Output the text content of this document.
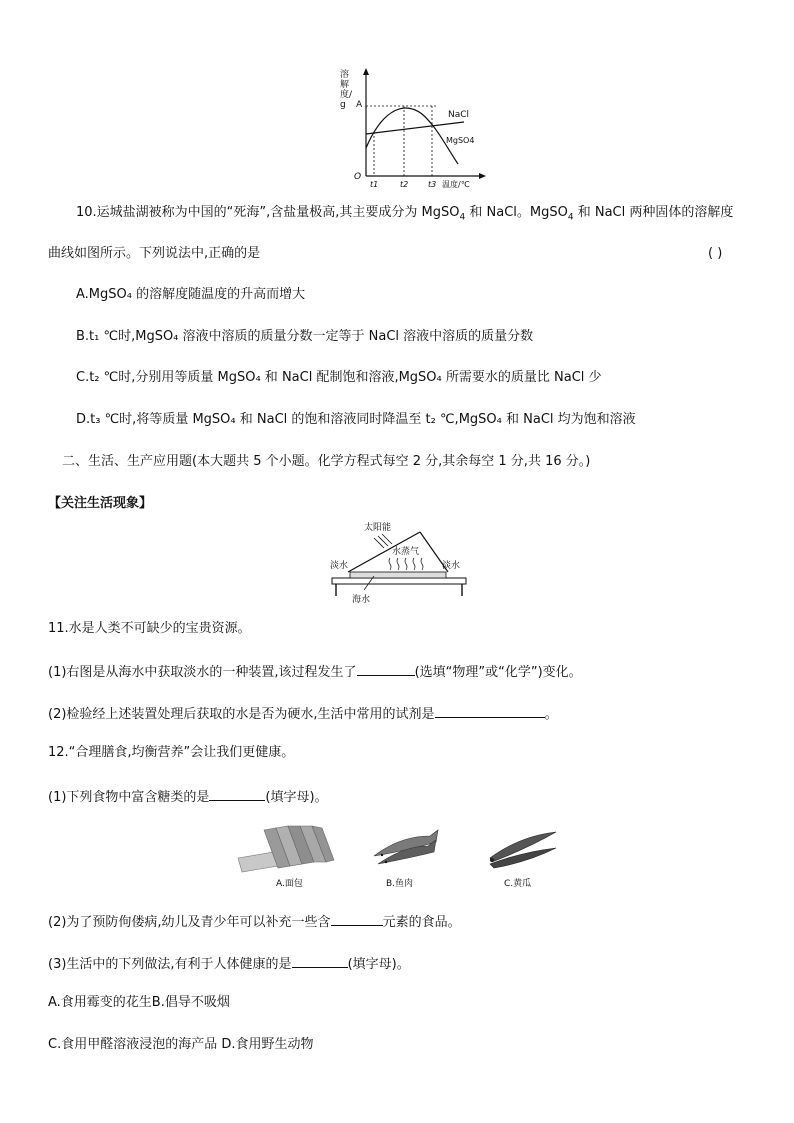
溶解度/g	A
O
t1	t2 t3 温度/℃
NaCl
MgSO4
10.运城盐湖被称为中国的“死海”,含盐量极高,其主要成分为 MgSO$_4$ 和 NaCl。MgSO$_4$ 和 NaCl 两种固体的溶解度
曲线如图所示。下列说法中,正确的是	( )
A.MgSO₄ 的溶解度随温度的升高而增大
B.t₁ ℃时,MgSO₄ 溶液中溶质的质量分数一定等于 NaCl 溶液中溶质的质量分数
C.t₂ ℃时,分别用等质量 MgSO₄ 和 NaCl 配制饱和溶液,MgSO₄ 所需要水的质量比 NaCl 少
D.t₃ ℃时,将等质量 MgSO₄ 和 NaCl 的饱和溶液同时降温至 t₂ ℃,MgSO₄ 和 NaCl 均为饱和溶液
二、生活、生产应用题(本大题共 5 个小题。化学方程式每空 2 分,其余每空 1 分,共 16 分。)
【关注生活现象】
太阳能
水蒸气
淡水	淡水
海水
11.水是人类不可缺少的宝贵资源。
(1)右图是从海水中获取淡水的一种装置,该过程发生了	(选填“物理”或“化学”)变化。
(2)检验经上述装置处理后获取的水是否为硬水,生活中常用的试剂是	。
12.“合理膳食,均衡营养”会让我们更健康。
(1)下列食物中富含糖类的是	(填字母)。
A.面包	B.鱼肉	C.黄瓜
(2)为了预防佝偻病,幼儿及青少年可以补充一些含	元素的食品。
(3)生活中的下列做法,有利于人体健康的是	(填字母)。
A.食用霉变的花生B.倡导不吸烟
C.食用甲醛溶液浸泡的海产品 D.食用野生动物
